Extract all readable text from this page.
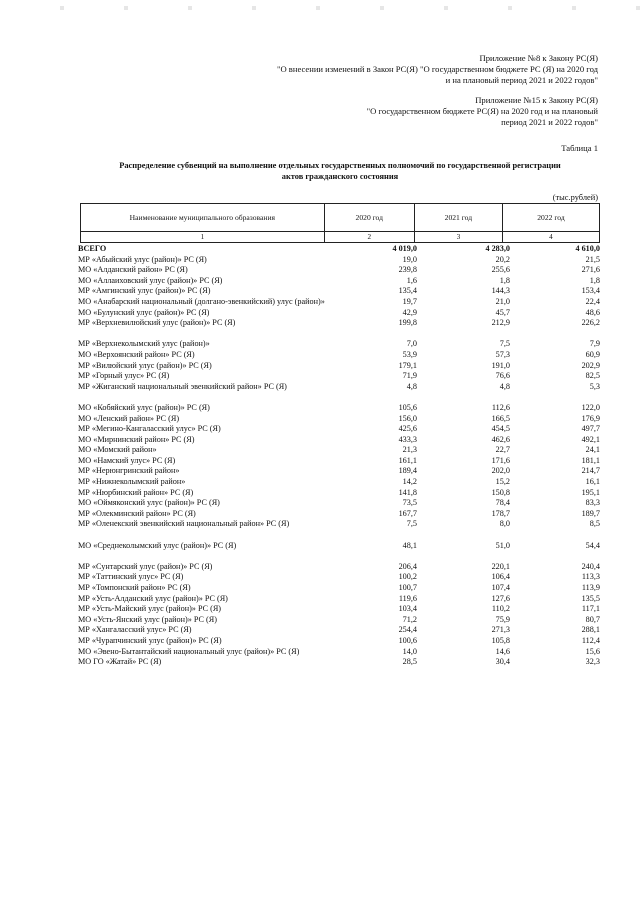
Приложение №8 к Закону РС(Я)
"О внесении изменений в Закон РС(Я) "О государственном бюджете РС (Я) на 2020 год
и на плановый период 2021 и 2022 годов"
Приложение №15 к Закону РС(Я)
"О государственном бюджете РС(Я) на 2020 год и на плановый
период 2021 и 2022 годов"
Таблица 1
Распределение субвенций на выполнение отдельных государственных полномочий по государственной регистрации
актов гражданского состояния
(тыс.рублей)
Наименование муниципального образования	2020 год	2021 год	2022 год
1	2	3	4
ВСЕГО	4 019,0	4 283,0	4 610,0
МР «Абыйский улус (район)» РС (Я)	19,0	20,2	21,5
МО «Алданский район» РС (Я)	239,8	255,6	271,6
МО «Аллаиховский улус (район)» РС (Я)	1,6	1,8	1,8
МР «Амгинский улус (район)» РС (Я)	135,4	144,3	153,4
МО «Анабарский национальный (долгано-эвенкийский) улус (район)»	19,7	21,0	22,4
МО «Булунский улус (район)» РС (Я)	42,9	45,7	48,6
МР «Верхневилюйский улус (район)» РС (Я)	199,8	212,9	226,2
МР «Верхнеколымский улус (район)»	7,0	7,5	7,9
МО «Верхоянский район» РС (Я)	53,9	57,3	60,9
МР «Вилюйский улус (район)» РС (Я)	179,1	191,0	202,9
МР «Горный улус» РС (Я)	71,9	76,6	82,5
МР «Жиганский национальный эвенкийский район» РС (Я)	4,8	4,8	5,3
МО «Кобяйский улус (район)» РС (Я)	105,6	112,6	122,0
МО «Ленский район» РС (Я)	156,0	166,5	176,9
МР «Мегино-Кангаласский улус» РС (Я)	425,6	454,5	497,7
МО «Мирнинский район» РС (Я)	433,3	462,6	492,1
МО «Момский район»	21,3	22,7	24,1
МО «Намский улус» РС (Я)	161,1	171,6	181,1
МР «Нерюнгринский район»	189,4	202,0	214,7
МР «Нижнеколымский район»	14,2	15,2	16,1
МР «Нюрбинский район» РС (Я)	141,8	150,8	195,1
МО «Оймяконский улус (район)» РС (Я)	73,5	78,4	83,3
МР «Олекминский район» РС (Я)	167,7	178,7	189,7
МР «Оленекский эвенкийский национальный район» РС (Я)	7,5	8,0	8,5
МО «Среднеколымский улус (район)» РС (Я)	48,1	51,0	54,4
МР «Сунтарский улус (район)» РС (Я)	206,4	220,1	240,4
МР «Таттинский улус» РС (Я)	100,2	106,4	113,3
МР «Томпонский район» РС (Я)	100,7	107,4	113,9
МР «Усть-Алданский улус (район)» РС (Я)	119,6	127,6	135,5
МР «Усть-Майский улус (район)» РС (Я)	103,4	110,2	117,1
МО «Усть-Янский улус (район)» РС (Я)	71,2	75,9	80,7
МР «Хангаласский улус» РС (Я)	254,4	271,3	288,1
МР «Чурапчинский улус (район)» РС (Я)	100,6	105,8	112,4
МО «Эвено-Бытантайский национальный улус (район)» РС (Я)	14,0	14,6	15,6
МО ГО «Жатай» РС (Я)	28,5	30,4	32,3
